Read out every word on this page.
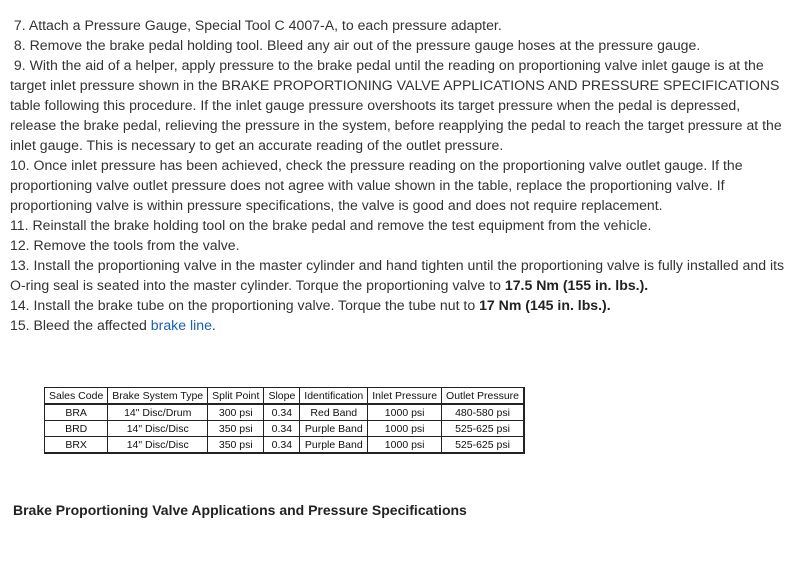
7. Attach a Pressure Gauge, Special Tool C 4007-A, to each pressure adapter.

8. Remove the brake pedal holding tool. Bleed any air out of the pressure gauge hoses at the pressure gauge.

9. With the aid of a helper, apply pressure to the brake pedal until the reading on proportioning valve inlet gauge is at the target inlet pressure shown in the BRAKE PROPORTIONING VALVE APPLICATIONS AND PRESSURE SPECIFICATIONS table following this procedure. If the inlet gauge pressure overshoots its target pressure when the pedal is depressed, release the brake pedal, relieving the pressure in the system, before reapplying the pedal to reach the target pressure at the inlet gauge. This is necessary to get an accurate reading of the outlet pressure.

10. Once inlet pressure has been achieved, check the pressure reading on the proportioning valve outlet gauge. If the proportioning valve outlet pressure does not agree with value shown in the table, replace the proportioning valve. If proportioning valve is within pressure specifications, the valve is good and does not require replacement.

11. Reinstall the brake holding tool on the brake pedal and remove the test equipment from the vehicle.

12. Remove the tools from the valve.

13. Install the proportioning valve in the master cylinder and hand tighten until the proportioning valve is fully installed and its O-ring seal is seated into the master cylinder. Torque the proportioning valve to 17.5 Nm (155 in. lbs.).

14. Install the brake tube on the proportioning valve. Torque the tube nut to 17 Nm (145 in. lbs.).

15. Bleed the affected brake line.

Sales Code	Brake System Type	Split Point	Slope	Identification	Inlet Pressure	Outlet Pressure
BRA	14" Disc/Drum	300 psi	0.34	Red Band	1000 psi	480-580 psi
BRD	14" Disc/Disc	350 psi	0.34	Purple Band	1000 psi	525-625 psi
BRX	14" Disc/Disc	350 psi	0.34	Purple Band	1000 psi	525-625 psi
Brake Proportioning Valve Applications and Pressure Specifications
